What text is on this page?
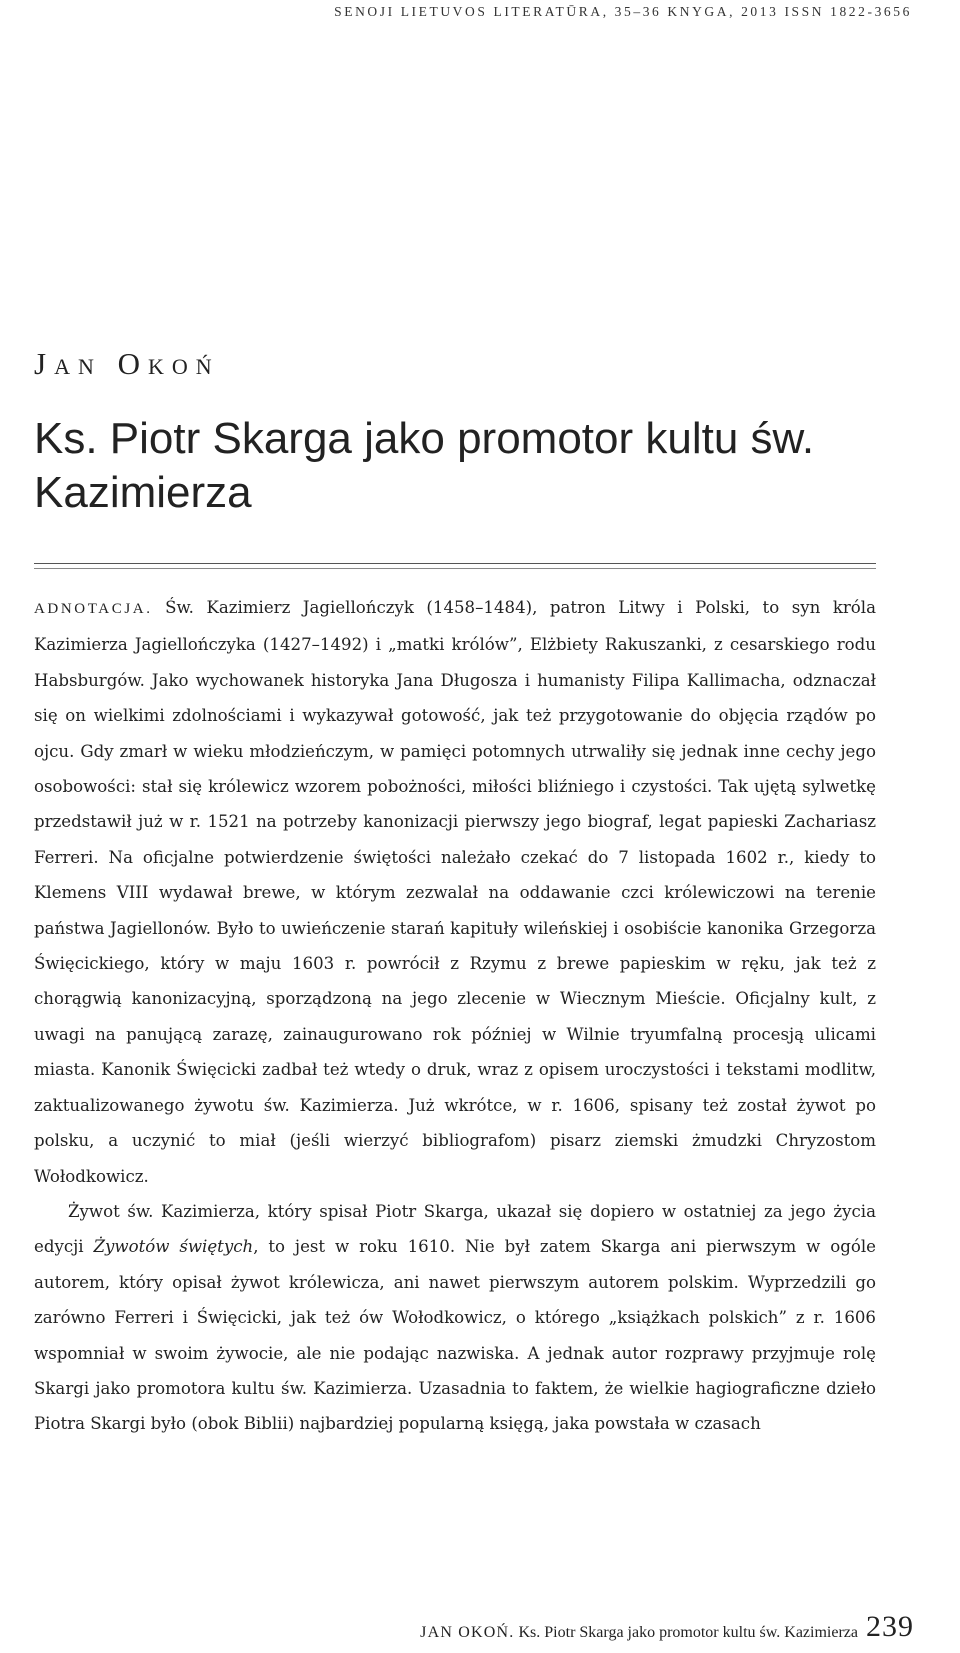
SENOJI LIETUVOS LITERATŪRA, 35–36 KNYGA, 2013 ISSN 1822-3656
Jan Okoń
Ks. Piotr Skarga jako promotor kultu św. Kazimierza

ADNOTACJA. Św. Kazimierz Jagiellończyk (1458–1484), patron Litwy i Polski, to syn króla Kazimierza Jagiellończyka (1427–1492) i „matki królów”, Elżbiety Rakuszanki, z cesarskiego rodu Habsburgów. Jako wychowanek historyka Jana Długosza i humanisty Filipa Kallimacha, odznaczał się on wielkimi zdolnościami i wykazywał gotowość, jak też przygotowanie do objęcia rządów po ojcu. Gdy zmarł w wieku młodzieńczym, w pamięci potomnych utrwaliły się jednak inne cechy jego osobowości: stał się królewicz wzorem pobożności, miłości bliźniego i czystości. Tak ujętą sylwetkę przedstawił już w r. 1521 na potrzeby kanonizacji pierwszy jego biograf, legat papieski Zachariasz Ferreri. Na oficjalne potwierdzenie świętości należało czekać do 7 listopada 1602 r., kiedy to Klemens VIII wydawał brewe, w którym zezwalał na oddawanie czci królewiczowi na terenie państwa Jagiellonów. Było to uwieńczenie starań kapituły wileńskiej i osobiście kanonika Grzegorza Święcickiego, który w maju 1603 r. powrócił z Rzymu z brewe papieskim w ręku, jak też z chorągwią kanonizacyjną, sporządzoną na jego zlecenie w Wiecznym Mieście. Oficjalny kult, z uwagi na panującą zarazę, zainaugurowano rok później w Wilnie tryumfalną procesją ulicami miasta. Kanonik Święcicki zadbał też wtedy o druk, wraz z opisem uroczystości i tekstami modlitw, zaktualizowanego żywotu św. Kazimierza. Już wkrótce, w r. 1606, spisany też został żywot po polsku, a uczynić to miał (jeśli wierzyć bibliografom) pisarz ziemski żmudzki Chryzostom Wołodkowicz.

Żywot św. Kazimierza, który spisał Piotr Skarga, ukazał się dopiero w ostatniej za jego życia edycji Żywotów świętych, to jest w roku 1610. Nie był zatem Skarga ani pierwszym w ogóle autorem, który opisał żywot królewicza, ani nawet pierwszym autorem polskim. Wyprzedzili go zarówno Ferreri i Święcicki, jak też ów Wołodkowicz, o którego „książkach polskich” z r. 1606 wspomniał w swoim żywocie, ale nie podając nazwiska. A jednak autor rozprawy przyjmuje rolę Skargi jako promotora kultu św. Kazimierza. Uzasadnia to faktem, że wielkie hagiograficzne dzieło Piotra Skargi było (obok Biblii) najbardziej popularną księgą, jaka powstała w czasach

JAN OKOŃ. Ks. Piotr Skarga jako promotor kultu św. Kazimierza 239
